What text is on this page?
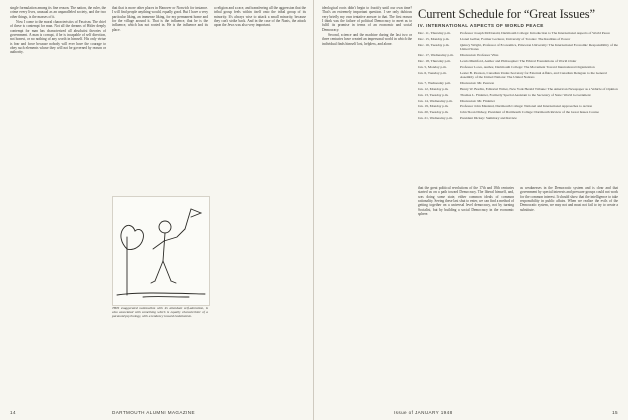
single formulation among its fine reason. The nation, the ruler, the crime every lives, unusual as an unparalleled society, and the two other things, is the masses of it.

Now I come to the moral characteristics of Fascism. The chief of these is contempt for man. Not all the dreams of Hitler deeply contempt for man has characterized all absolutist theories of government. A man is corrupt, if he is incapable of self direction, not honest, or no nothing of any worth in himself. His only virtue is fear and force because nobody will ever have the courage to obey such elements whose they will not be governed by reason or authority.

that that is more other places in Hanover or Norwich for instance. I will find people anything would, equally good. But I have a very particular liking, an immense liking, for my permanent home and for the village around it. That is the influence, that he is the influence, which has not rooted in. He is the influence and its place.

THIS exaggerated nationalism with its attendant self-adoration, is also associated with something which is equally characteristic of a paranoid psychology, with a tendency toward isolationism.

a religion and a race, and transferring all the aggression that the tribal group feels within itself onto the tribal group of its minority. It's always wise to attack a small minority, because they can't strike back. And in the case of the Nazis, the attack upon the Jews was also very important.

14	DARTMOUTH ALUMNI MAGAZINE

ideological roots didn't begin to fructify until our own time? That's an extremely important question. I see only dubious very briefly my own tentative answer to that. The first reason I think was the failure of political Democracy to meet as to fulfil its promise in terms of an economic and social Democracy.

Second, science and the machine during the last two or three centuries have created an impersonal world in which the individual finds himself lost, helpless, and alone.

Current Schedule for “Great Issues”
IV. INTERNATIONAL ASPECTS OF WORLD PEACE
Dec. 11, Thursday p.m.	Professor Joseph McDonald, Dartmouth College: Introduction to The International Aspects of World Peace
Dec. 15, Monday p.m.	Lionel Gelber, Former Lecturer, University of Toronto: The Realities of Power
Dec. 16, Tuesday p.m.	Quincy Wright, Professor of Economics, Princeton University: The International Economic Responsibility of the United States
Dec. 17, Wednesday p.m.	Discussion: Professor Vilas
Dec. 18, Thursday p.m.	Lewis Mumford, Author and Philosopher: The Ethical Foundations of World Order
Jan. 5, Monday p.m.	Professor Lowe, Author, Dartmouth College: The Movement Toward International Organization
Jan. 6, Tuesday p.m.	Lester B. Pearson, Canadian Under-Secretary for External Affairs, and Canadian Delegate to the General Assembly of the United Nations: The United Nations
Jan. 7, Wednesday p.m.	Discussion: Mr. Pearson
Jan. 12, Monday p.m.	Henry W. Bordin, Editorial Writer, New York Herald Tribune: The American Newspaper as a Vehicle of Opinion
Jan. 13, Tuesday p.m.	Thomas L. Finletter, Formerly Special Assistant to the Secretary of State: World Government
Jan. 14, Wednesday p.m.	Discussion: Mr. Finletter
Jan. 19, Monday p.m.	Professor John Masland, Dartmouth College: National and International Approaches to Action
Jan. 20, Tuesday p.m.	John Sloan Dickey, President of Dartmouth College: Dartmouth Review of the Great Issues Course
Jan. 21, Wednesday p.m.	President Dickey: Summary and Review

that the great political revolutions of the 17th and 18th centuries started us on a path toward Democracy. The liberal himself, and, was doing some state, either common ideals of common rationality. Seeing these last shut to enter, we can find a method of getting together on a universal level democracy, not by turning Socialist, but by building a social Democracy in the economic sphere.

as weaknesses in the Democratic system and is clear and that government by special interests and pressure groups could not work for the common interest. It should show that the intelligence to take responsibility in public affairs. When we realize the evils of the Democratic system, we may not and must not fail to try to create a substitute.

Issue of JANUARY 1948	15
